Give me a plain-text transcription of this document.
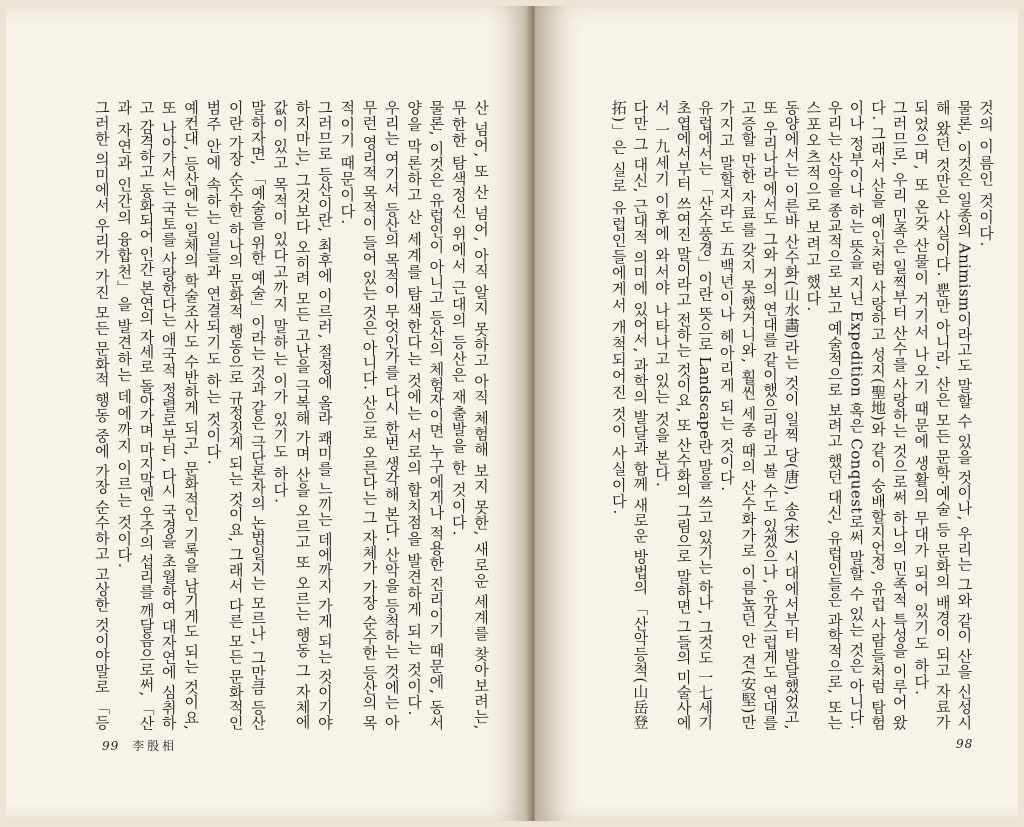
99 李殷相
산 넘어, 또 산 넘어, 아직 알지 못하고 아직 체험해 보지 못한, 새로운 세계를 찾아보려는,
무한한 탐색정신 위에서 근대의 등산은 재출발을 한 것이다.
물론, 이것은 유럽인이 아니고 등산의 체험자이면 누구에게나 적용한 진리이기 때문에, 동서
양을 막론하고 산 세계를 탐색한다는 것에는 서로의 합치점을 발견하게 되는 것이다.
우리는 여기서 등산의 목적이 무엇인가를 다시 한번 생각해 본다. 산악을 등척하는 것에는 아
무런 영리적 목적이 들어 있는 것은 아니다. 산으로 오른다는 그 자체가 가장 순수한 등산의 목
적이기 때문이다.
그러므로 등산이란, 최후에 이르러, 절정에 올라 쾌미를 느끼는 데에까지 가게 되는 것이기야
하지마는, 그것보다 오히려 모든 고난을 극복해 가며 산을 오르고 또 오르는 행동 그 자체에
값이 있고 목적이 있다고까지 말하는 이가 있기도 하다.
말하자면, 「예술을 위한 예술」이라는 것과 같은 극단론자의 논법일지는 모르나, 그만큼 등산
이란 가장 순수한 하나의 문화적 행동으로 규정짓게 되는 것이요, 그래서 다른 모든 문화적인
범주 안에 속하는 일들과 연결되기도 하는 것이다.
예컨대, 등산에는 일체의 학술조사도 수반하게 되고, 문화적인 기록을 남기게도 되는 것이요,
또 나아가서는 국토를 사랑한다는 애국적 정렬로부터, 다시 국경을 초월하여 대자연에 심취하
고 감격하고 동화되어 인간 본연의 자세로 돌아가며 마지막엔 우주의 섭리를 깨달음으로써, 「산
과 자연과 인간의 융합천」을 발견하는 데에까지 이르는 것이다.
그러한 의미에서 우리가 가진 모든 문화적 행동 중에 가장 순수하고 고상한 것이야말로 「등
98
것의 이름인 것이다.
물론, 이것은 일종의 Animism이라고도 말할 수 있을 것이나, 우리는 그와 같이 산을 신성시
해 왔던 것만은 사실이다. 뿐만 아니라, 산은 모든 문학·예술 등 문화의 배경이 되고 자료가
되었으며, 또 온갖 산물이 거기서 나오기 때문에 생활의 무대가 되어 있기도 하다.
그러므로, 우리 민족은 일찍부터 산수를 사랑하는 것으로써 하나의 민족적 특성을 이루어 왔
다. 그래서 산을 예인처럼 사랑하고 성지(聖地)와 같이 숭배할지언정, 유럽 사람들처럼 탐험
이나 정부이나 하는 뜻을 지닌 Expedition 혹은 Conquest로써 말할 수 있는 것은 아니다.
우리는 산악을 종교적으로 보고 예술적으로 보려고 했던 대신, 유럽인들은 과학적으로, 또는
스포오츠적으로 보려고 했다.
동양에서는 이른바 산수화(山水畵)라는 것이 일찍 당(唐), 송(宋) 시대에서부터 발달했었고,
또 우리나라에서도 그와 거의 연대를 같이했으리라고 볼 수도 있겠으나, 유감스럽게도 연대를
고증할 만한 자료를 갖지 못했거니와, 훨씬 세종 때의 산수화가로 이름높던 안 견(安堅)만
가지고 말할지라도 五백년이나 헤아리게 되는 것이다.
유럽에서는 「산수풍경」이란 뜻으로 Landscape란 말을 쓰고 있기는 하나, 그것도 一七세기
초엽에서부터 쓰여진 말이라고 전하는 것이요, 또 산수화의 그림으로 말하면 그들의 미술사에
서 一九세기 이후에 와서야 나타나고 있는 것을 본다.
다만 그 대신, 근대적 의미에 있어서, 과학의 발달과 함께 새로운 방법의 「산악등척(山岳登
拓)」은 실로 유럽인들에게서 개척되어진 것이 사실이다.
